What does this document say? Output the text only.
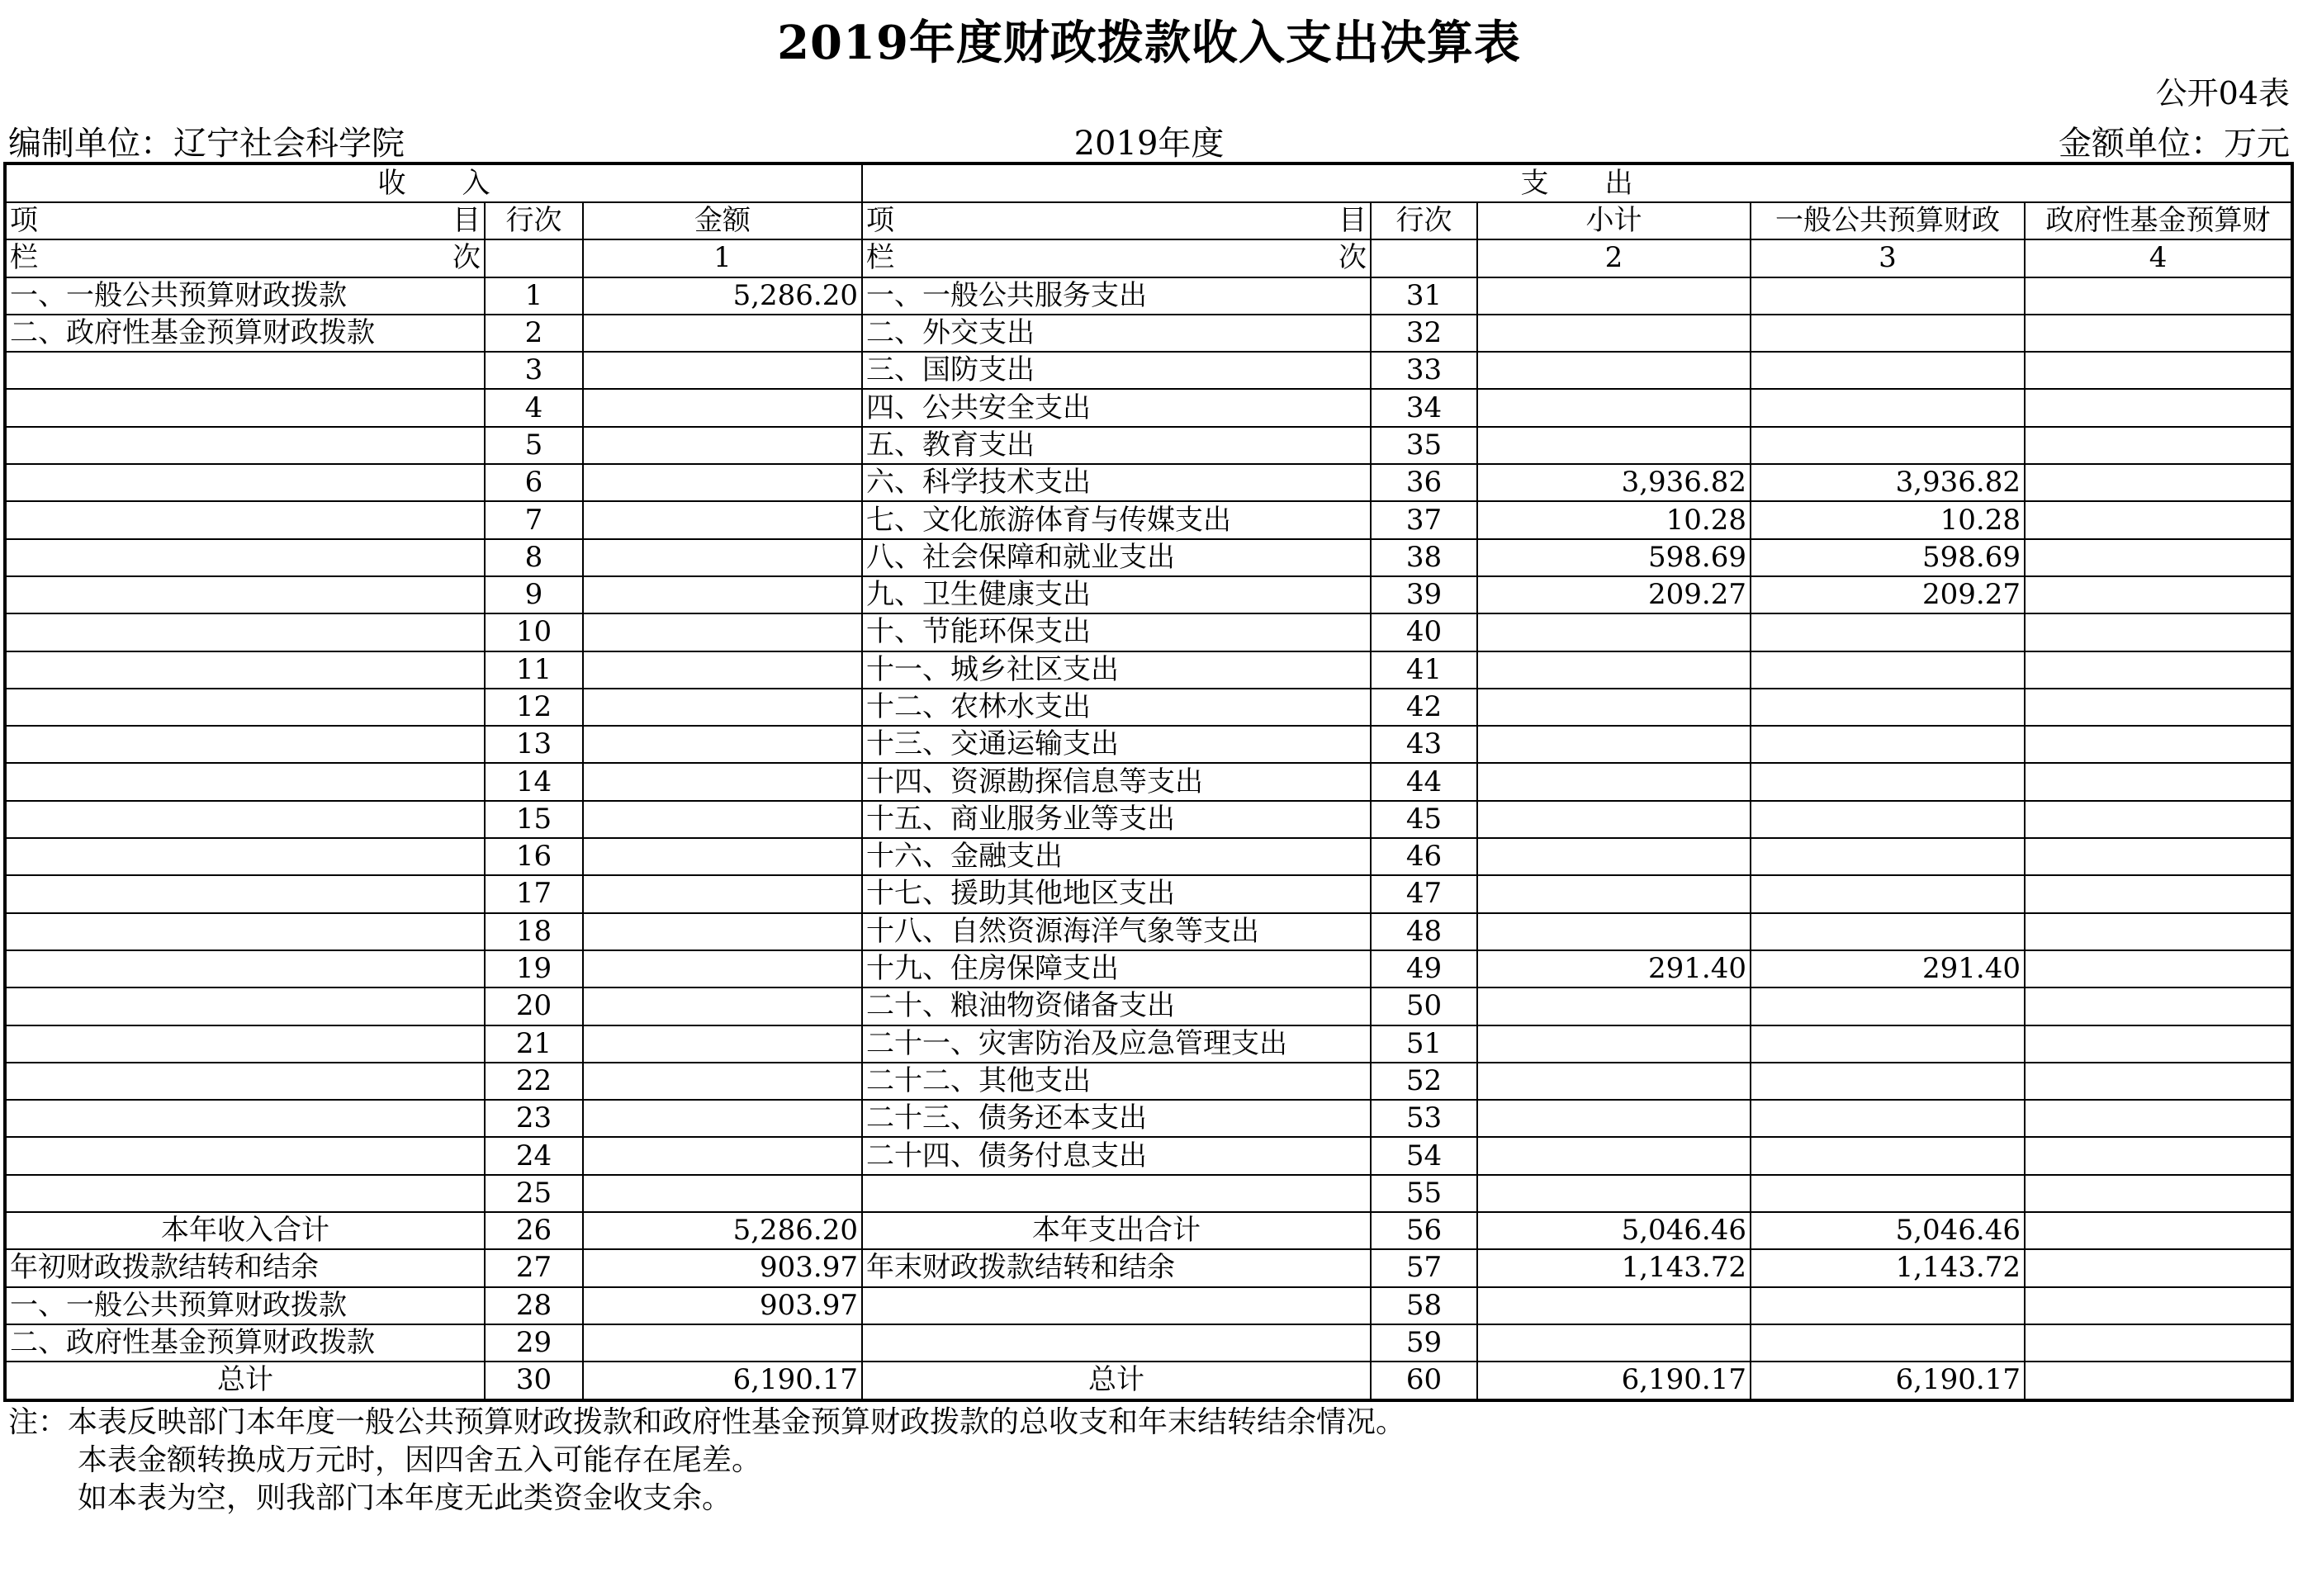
2019年度财政拨款收入支出决算表
公开04表
编制单位：辽宁社会科学院	2019年度	金额单位：万元
收　　入			支　　出				

项 目	行次	金额	项 目	行次	小计	一般公共预算财政	政府性基金预算财

栏 次		1	栏 次		2	3	4
一、一般公共预算财政拨款	1	5,286.20	一、一般公共服务支出	31			
二、政府性基金预算财政拨款	2		二、外交支出	32			
	3		三、国防支出	33			
	4		四、公共安全支出	34			
	5		五、教育支出	35			
	6		六、科学技术支出	36	3,936.82	3,936.82	
	7		七、文化旅游体育与传媒支出	37	10.28	10.28	
	8		八、社会保障和就业支出	38	598.69	598.69	
	9		九、卫生健康支出	39	209.27	209.27	
	10		十、节能环保支出	40			
	11		十一、城乡社区支出	41			
	12		十二、农林水支出	42			
	13		十三、交通运输支出	43			
	14		十四、资源勘探信息等支出	44			
	15		十五、商业服务业等支出	45			
	16		十六、金融支出	46			
	17		十七、援助其他地区支出	47			
	18		十八、自然资源海洋气象等支出	48			
	19		十九、住房保障支出	49	291.40	291.40	
	20		二十、粮油物资储备支出	50			
	21		二十一、灾害防治及应急管理支出	51			
	22		二十二、其他支出	52			
	23		二十三、债务还本支出	53			
	24		二十四、债务付息支出	54			
	25			55			
本年收入合计	26	5,286.20	本年支出合计	56	5,046.46	5,046.46	
年初财政拨款结转和结余	27	903.97	年末财政拨款结转和结余	57	1,143.72	1,143.72	
一、一般公共预算财政拨款	28	903.97		58			
二、政府性基金预算财政拨款	29			59			
总计	30	6,190.17	总计	60	6,190.17	6,190.17	
注：本表反映部门本年度一般公共预算财政拨款和政府性基金预算财政拨款的总收支和年末结转结余情况。
本表金额转换成万元时，因四舍五入可能存在尾差。
如本表为空，则我部门本年度无此类资金收支余。
